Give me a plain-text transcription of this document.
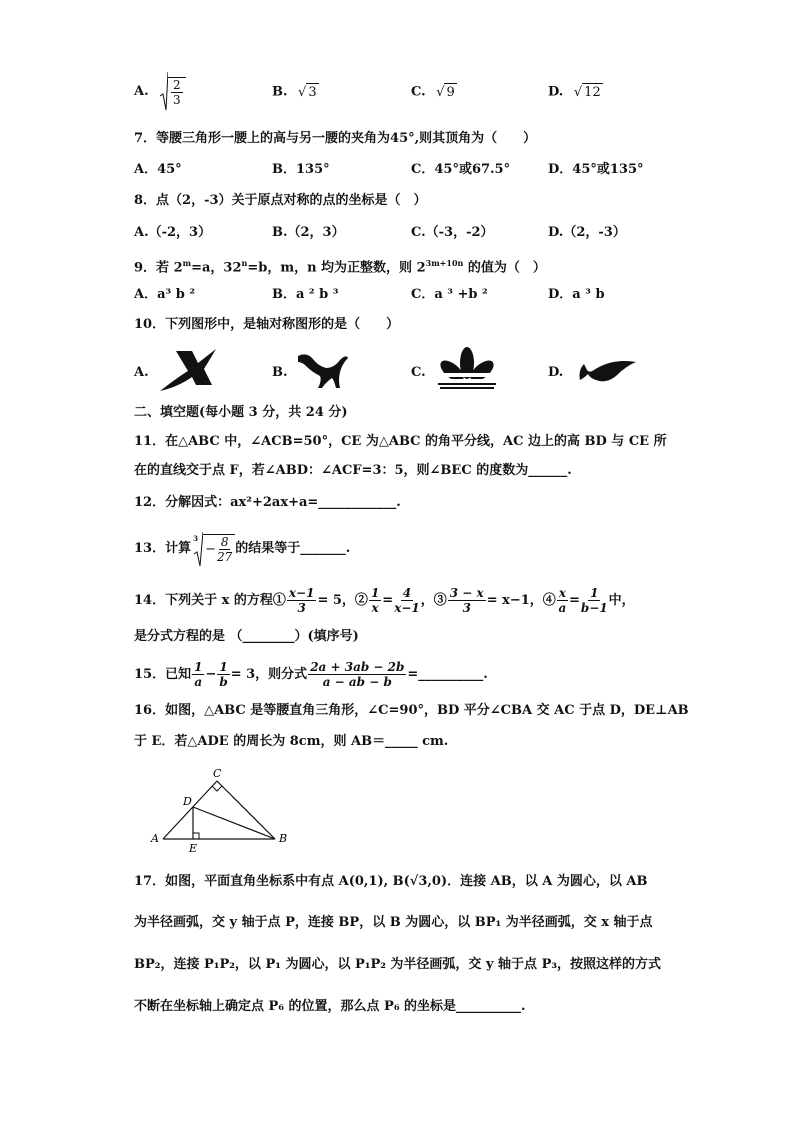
A. $\frac{2}{3}$	B. √ 3	C. √ 9	D. √ 12
7．等腰三角形一腰上的高与另一腰的夹角为45°,则其顶角为（　　）
A．45°	B．135°	C．45°或67.5°	D．45°或135°
8．点（2，-3）关于原点对称的点的坐标是（　）
A.（-2，3）	B.（2，3）	C.（-3，-2）	D.（2，-3）
9．若 $2^m=a$，$32^n=b$，m，n 均为正整数，则 $2^{3m+10n}$ 的值为（　）
A．a³ b ²	B．a ² b ³	C．a ³ +b ²	D．a ³ b
10．下列图形中，是轴对称图形的是（　　）
A.	B.	C.	D.
二、填空题(每小题 3 分，共 24 分)
11．在△ABC 中，∠ACB=50°，CE 为△ABC 的角平分线，AC 边上的高 BD 与 CE 所
在的直线交于点 F，若∠ABD：∠ACF=3：5，则∠BEC 的度数为______.
12．分解因式：ax²+2ax+a=____________.
13．计算
3
− $\frac{8}{27}$ 的结果等于_______.
14．下列关于 x 的方程① $\frac{x-1}{3} = 5$，② $\frac{1}{x} = \frac{4}{x-1}$ ，③ $\frac{3 - x}{3} = x-1$，④ $\frac{x}{a} = \frac{1}{b-1}$ 中，
是分式方程的是 （________）(填序号)
15．已知 $\frac{1}{a} - \frac{1}{b} = 3$，则分式 $\frac{2a + 3ab - 2b}{a - ab - b}$ =__________.
16．如图，△ABC 是等腰直角三角形，∠C=90°，BD 平分∠CBA 交 AC 于点 D，DE⊥AB
于 E．若△ADE 的周长为 8cm，则 AB＝_____ cm.
A	B
C
D
E
17．如图，平面直角坐标系中有点 A(0,1), B(√3,0)．连接 AB，以 A 为圆心，以 AB
为半径画弧，交 y 轴于点 P，连接 BP，以 B 为圆心，以 BP₁ 为半径画弧，交 x 轴于点
BP₂，连接 P₁P₂，以 P₁ 为圆心，以 P₁P₂ 为半径画弧，交 y 轴于点 P₃，按照这样的方式
不断在坐标轴上确定点 P₆ 的位置，那么点 P₆ 的坐标是__________.
